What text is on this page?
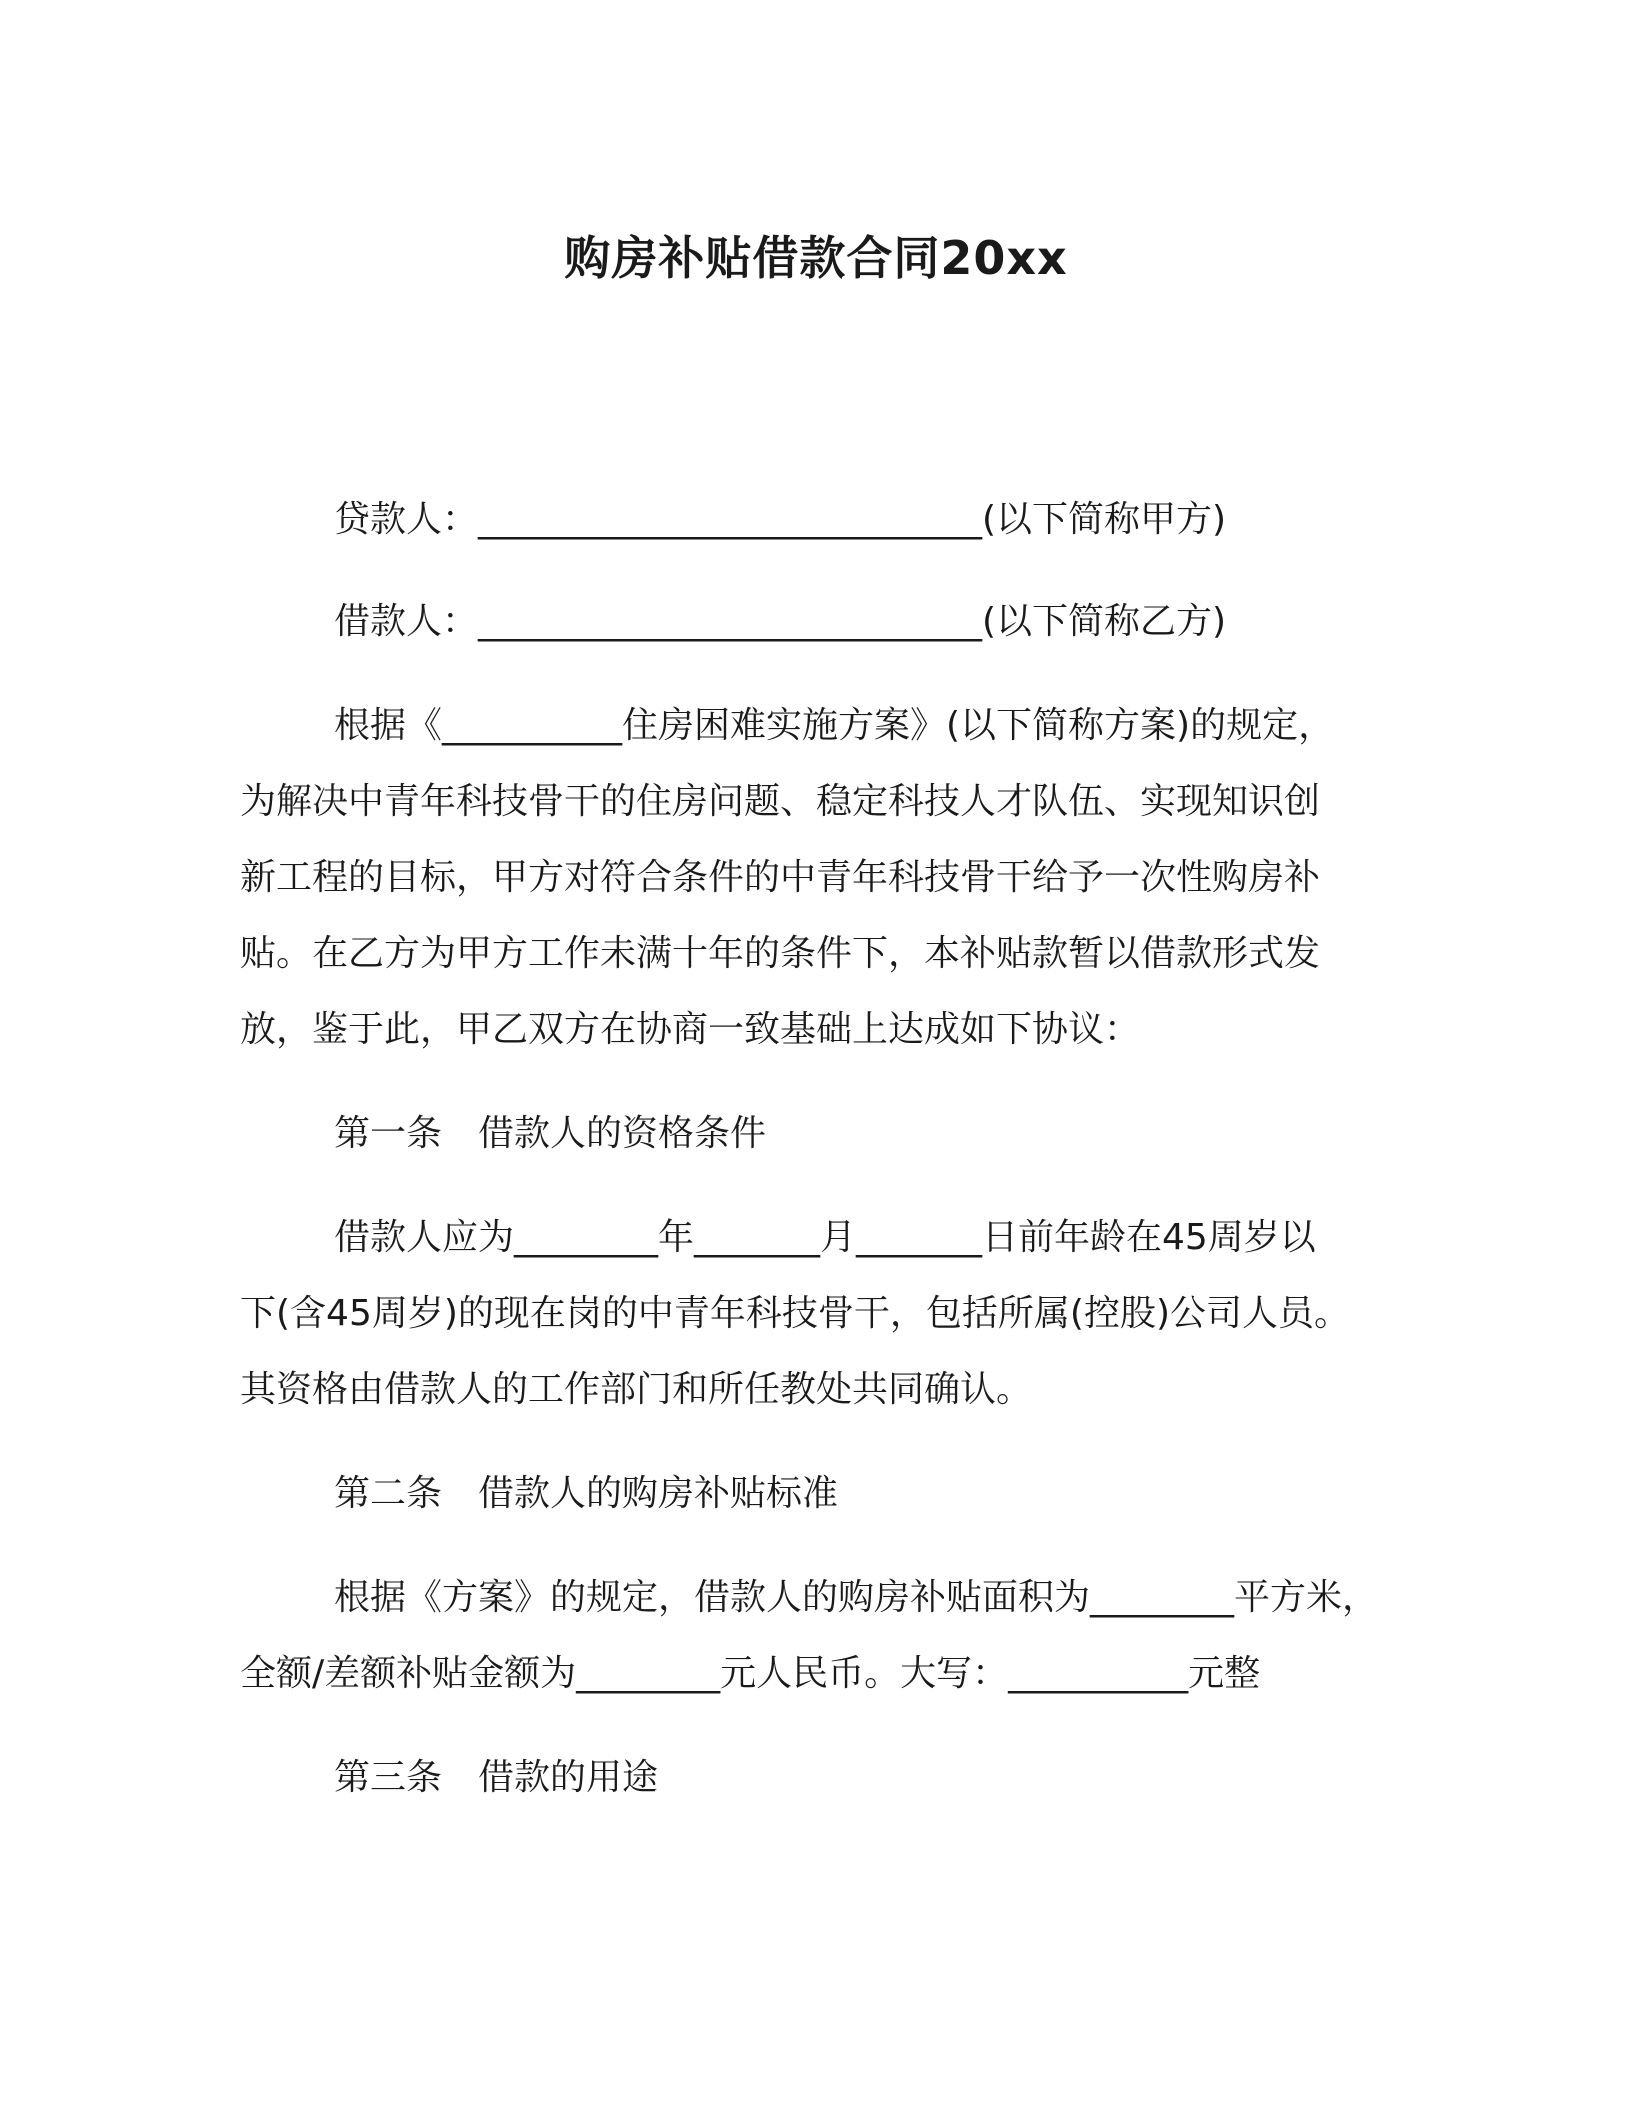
购房补贴借款合同20xx
贷款人：____________________________(以下简称甲方)
借款人：____________________________(以下简称乙方)
根据《__________住房困难实施方案》(以下简称方案)的规定，
为解决中青年科技骨干的住房问题、稳定科技人才队伍、实现知识创
新工程的目标，甲方对符合条件的中青年科技骨干给予一次性购房补
贴。在乙方为甲方工作未满十年的条件下，本补贴款暂以借款形式发
放，鉴于此，甲乙双方在协商一致基础上达成如下协议：
第一条　借款人的资格条件
借款人应为________年_______月_______日前年龄在45周岁以
下(含45周岁)的现在岗的中青年科技骨干，包括所属(控股)公司人员。
其资格由借款人的工作部门和所任教处共同确认。
第二条　借款人的购房补贴标准
根据《方案》的规定，借款人的购房补贴面积为________平方米，
全额/差额补贴金额为________元人民币。大写：__________元整
第三条　借款的用途
